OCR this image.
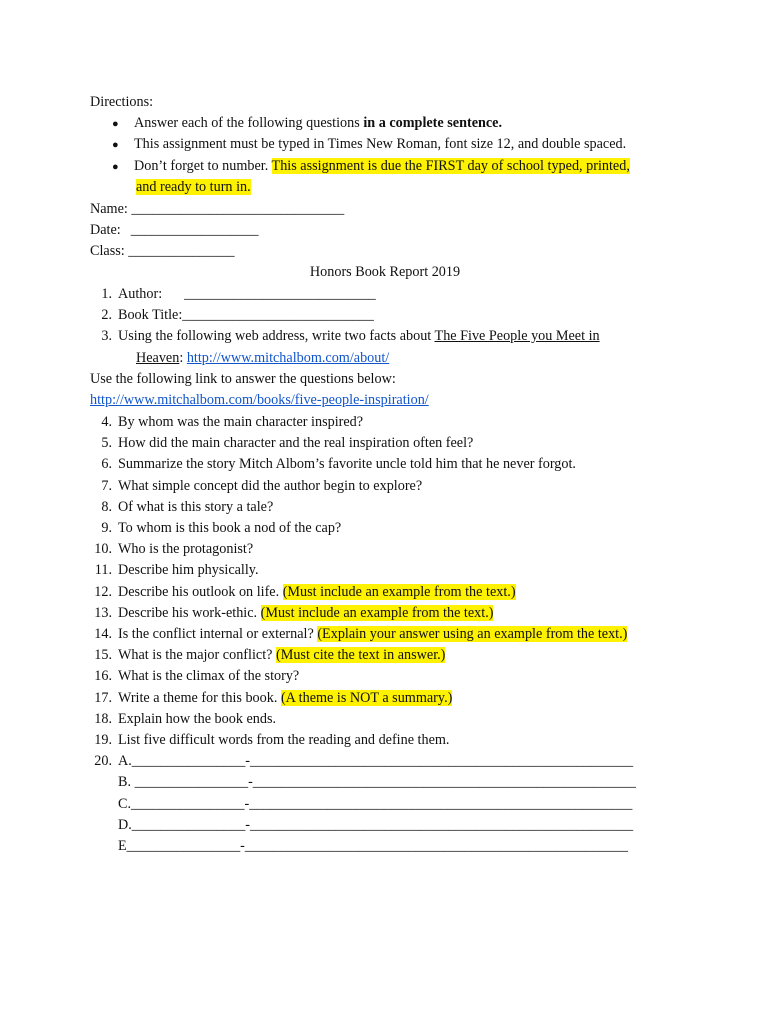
Directions:
● Answer each of the following questions in a complete sentence.
● This assignment must be typed in Times New Roman, font size 12, and double spaced.
● Don’t forget to number. This assignment is due the FIRST day of school typed, printed,
and ready to turn in.
Name: ______________________________
Date: __________________
Class: _______________
Honors Book Report 2019
1. Author: ___________________________
2. Book Title:___________________________
3. Using the following web address, write two facts about The Five People you Meet in
Heaven: http://www.mitchalbom.com/about/
Use the following link to answer the questions below:
http://www.mitchalbom.com/books/five-people-inspiration/
4. By whom was the main character inspired?
5. How did the main character and the real inspiration often feel?
6. Summarize the story Mitch Albom’s favorite uncle told him that he never forgot.
7. What simple concept did the author begin to explore?
8. Of what is this story a tale?
9. To whom is this book a nod of the cap?
10. Who is the protagonist?
11. Describe him physically.
12. Describe his outlook on life. (Must include an example from the text.)
13. Describe his work-ethic. (Must include an example from the text.)
14. Is the conflict internal or external? (Explain your answer using an example from the text.)
15. What is the major conflict? (Must cite the text in answer.)
16. What is the climax of the story?
17. Write a theme for this book. (A theme is NOT a summary.)
18. Explain how the book ends.
19. List five difficult words from the reading and define them.
20. A.________________-______________________________________________________
B. ________________-______________________________________________________
C.________________-______________________________________________________
D.________________-______________________________________________________
E________________-______________________________________________________
